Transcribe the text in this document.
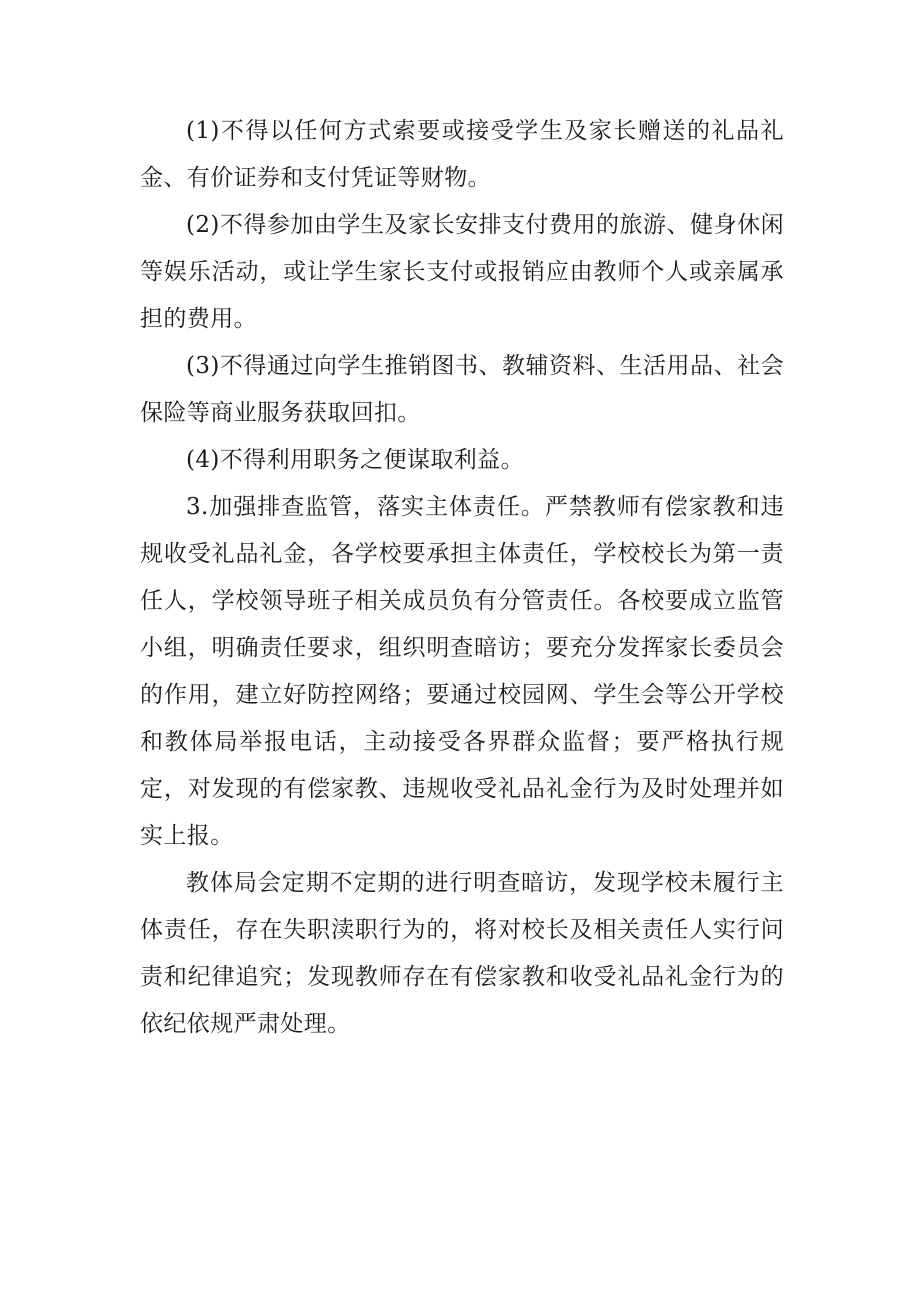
(1)不得以任何方式索要或接受学生及家长赠送的礼品礼金、有价证券和支付凭证等财物。

(2)不得参加由学生及家长安排支付费用的旅游、健身休闲等娱乐活动，或让学生家长支付或报销应由教师个人或亲属承担的费用。

(3)不得通过向学生推销图书、教辅资料、生活用品、社会保险等商业服务获取回扣。

(4)不得利用职务之便谋取利益。

3.加强排查监管，落实主体责任。严禁教师有偿家教和违规收受礼品礼金，各学校要承担主体责任，学校校长为第一责任人，学校领导班子相关成员负有分管责任。各校要成立监管小组，明确责任要求，组织明查暗访；要充分发挥家长委员会的作用，建立好防控网络；要通过校园网、学生会等公开学校和教体局举报电话，主动接受各界群众监督；要严格执行规定，对发现的有偿家教、违规收受礼品礼金行为及时处理并如实上报。

教体局会定期不定期的进行明查暗访，发现学校未履行主体责任，存在失职渎职行为的，将对校长及相关责任人实行问责和纪律追究；发现教师存在有偿家教和收受礼品礼金行为的依纪依规严肃处理。
